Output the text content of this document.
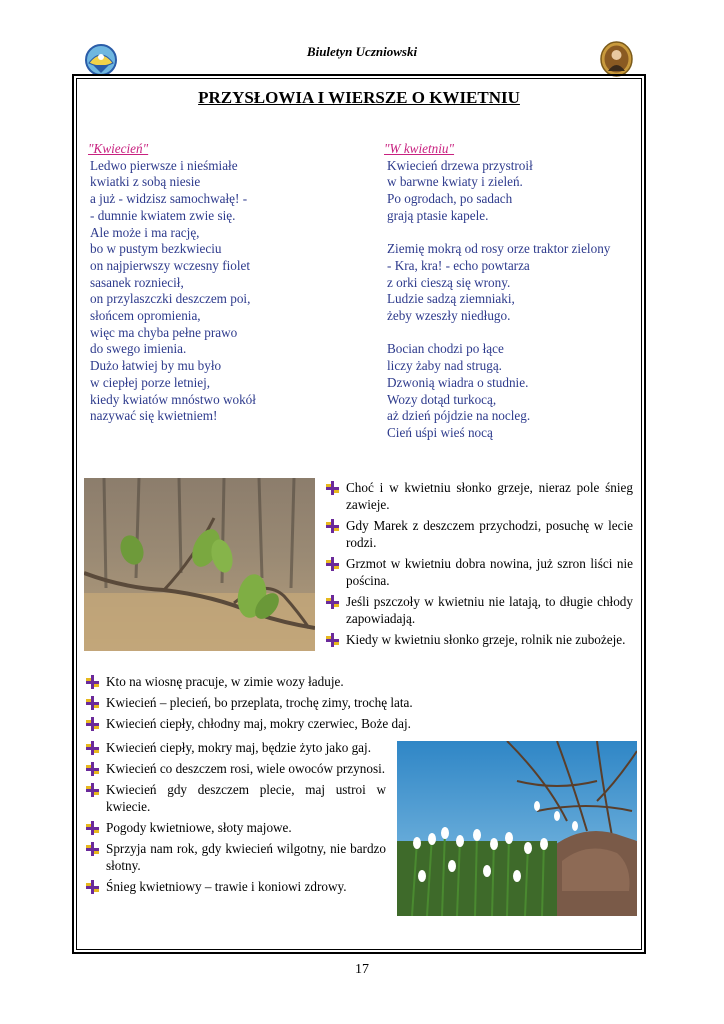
Biuletyn Uczniowski
PRZYSŁOWIA I WIERSZE O KWIETNIU
"Kwiecień"
Ledwo pierwsze i nieśmiałe
kwiatki z sobą niesie
a już - widzisz samochwałę! -
- dumnie kwiatem zwie się.
Ale może i ma rację,
bo w pustym bezkwieciu
on najpierwszy wczesny fiolet
sasanek rozniecił,
on przylaszczki deszczem poi,
słońcem opromienia,
więc ma chyba pełne prawo
do swego imienia.
Dużo łatwiej by mu było
w ciepłej porze letniej,
kiedy kwiatów mnóstwo wokół
nazywać się kwietniem!
"W kwietniu"
Kwiecień drzewa przystroił
w barwne kwiaty i zieleń.
Po ogrodach, po sadach
grają ptasie kapele.
Ziemię mokrą od rosy orze traktor zielony
- Kra, kra! - echo powtarza
z orki cieszą się wrony.
Ludzie sadzą ziemniaki,
żeby wzeszły niedługo.
Bocian chodzi po łące
liczy żaby nad strugą.
Dzwonią wiadra o studnie.
Wozy dotąd turkocą,
aż dzień pójdzie na nocleg.
Cień uśpi wieś nocą
Choć i w kwietniu słonko grzeje, nieraz pole śnieg zawieje.
Gdy Marek z deszczem przychodzi, posuchę w lecie rodzi.
Grzmot w kwietniu dobra nowina, już szron liści nie pościna.
Jeśli pszczoły w kwietniu nie latają, to długie chłody zapowiadają.
Kiedy w kwietniu słonko grzeje, rolnik nie zubożeje.
Kto na wiosnę pracuje, w zimie wozy ładuje.
Kwiecień – plecień, bo przeplata, trochę zimy, trochę lata.
Kwiecień ciepły, chłodny maj, mokry czerwiec, Boże daj.
Kwiecień ciepły, mokry maj, będzie żyto jako gaj.
Kwiecień co deszczem rosi, wiele owoców przynosi.
Kwiecień gdy deszczem plecie, maj ustroi w kwiecie.
Pogody kwietniowe, słoty majowe.
Sprzyja nam rok, gdy kwiecień wilgotny, nie bardzo słotny.
Śnieg kwietniowy – trawie i koniowi zdrowy.
17
